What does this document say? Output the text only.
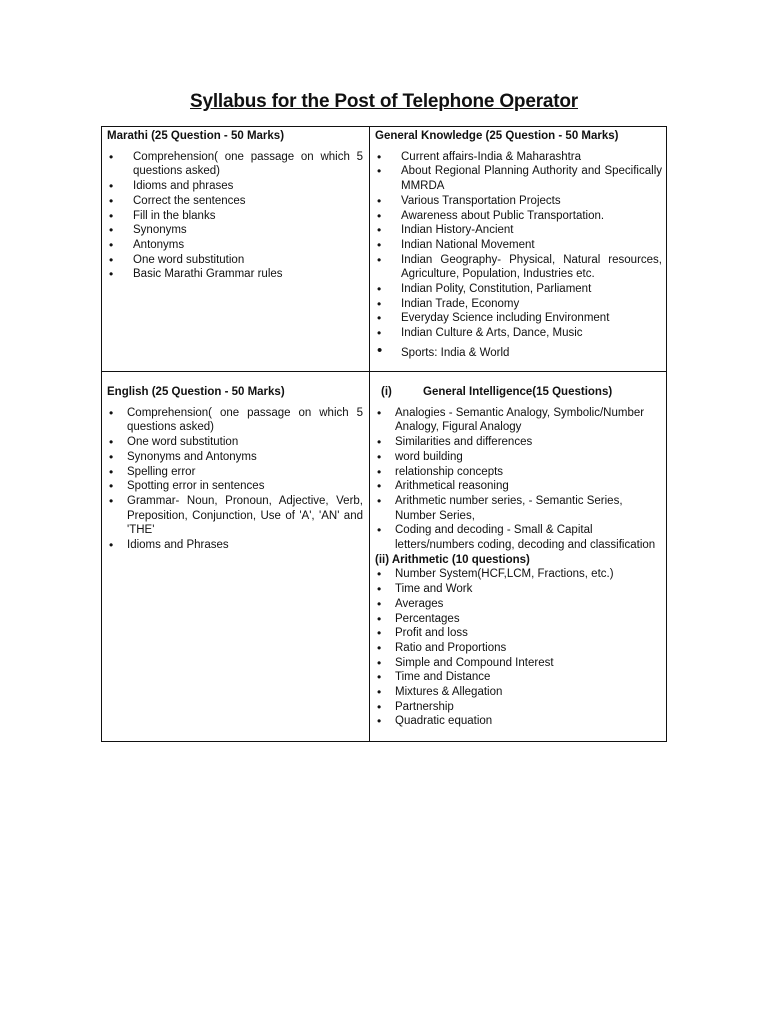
Syllabus for the Post of Telephone Operator
Marathi (25 Question - 50 Marks)
• Comprehension( one passage on which 5 questions asked)
• Idioms and phrases
• Correct the sentences
• Fill in the blanks
• Synonyms
• Antonyms
• One word substitution
• Basic Marathi Grammar rules
General Knowledge (25 Question - 50 Marks)
• Current affairs-India & Maharashtra
• About Regional Planning Authority and Specifically MMRDA
• Various Transportation Projects
• Awareness about Public Transportation.
• Indian History-Ancient
• Indian National Movement
• Indian Geography- Physical, Natural resources, Agriculture, Population, Industries etc.
• Indian Polity, Constitution, Parliament
• Indian Trade, Economy
• Everyday Science including Environment
• Indian Culture & Arts, Dance, Music
• Sports: India & World
English (25 Question - 50 Marks)
• Comprehension( one passage on which 5 questions asked)
• One word substitution
• Synonyms and Antonyms
• Spelling error
• Spotting error in sentences
• Grammar- Noun, Pronoun, Adjective, Verb, Preposition, Conjunction, Use of 'A', 'AN' and 'THE'
• Idioms and Phrases
(i)	General Intelligence(15 Questions)
• Analogies - Semantic Analogy, Symbolic/Number Analogy, Figural Analogy
• Similarities and differences
• word building
• relationship concepts
• Arithmetical reasoning
• Arithmetic number series, - Semantic Series, Number Series,
• Coding and decoding - Small & Capital letters/numbers coding, decoding and classification
(ii) Arithmetic (10 questions)
• Number System(HCF,LCM, Fractions, etc.)
• Time and Work
• Averages
• Percentages
• Profit and loss
• Ratio and Proportions
• Simple and Compound Interest
• Time and Distance
• Mixtures & Allegation
• Partnership
• Quadratic equation
